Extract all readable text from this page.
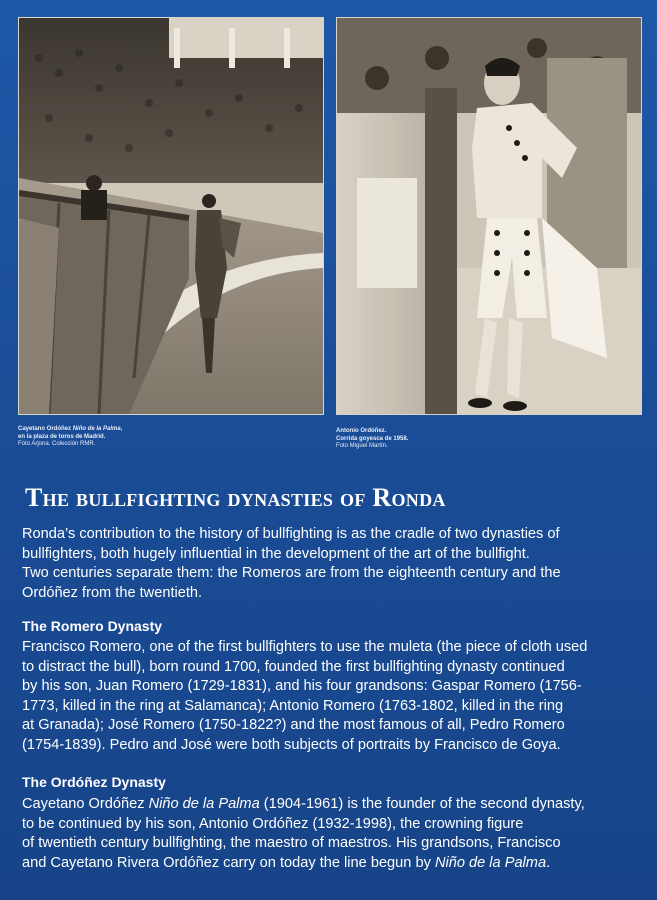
Cayetano Ordóñez Niño de la Palma,
en la plaza de toros de Madrid.
Foto Arjona. Colección RMR.
Antonio Ordóñez.
Corrida goyesca de 1958.
Foto Miguel Martín.
The bullfighting dynasties of Ronda
Ronda’s contribution to the history of bullfighting is as the cradle of two dynasties of
bullfighters, both hugely influential in the development of the art of the bullfight.
Two centuries separate them: the Romeros are from the eighteenth century and the
Ordóñez from the twentieth.
The Romero Dynasty
Francisco Romero, one of the first bullfighters to use the muleta (the piece of cloth used
to distract the bull), born round 1700, founded the first bullfighting dynasty continued
by his son, Juan Romero (1729-1831), and his four grandsons: Gaspar Romero (1756-
1773, killed in the ring at Salamanca); Antonio Romero (1763-1802, killed in the ring
at Granada); José Romero (1750-1822?) and the most famous of all, Pedro Romero
(1754-1839). Pedro and José were both subjects of portraits by Francisco de Goya.
The Ordóñez Dynasty
Cayetano Ordóñez Niño de la Palma (1904-1961) is the founder of the second dynasty,
to be continued by his son, Antonio Ordóñez (1932-1998), the crowning figure
of twentieth century bullfighting, the maestro of maestros. His grandsons, Francisco
and Cayetano Rivera Ordóñez carry on today the line begun by Niño de la Palma.
